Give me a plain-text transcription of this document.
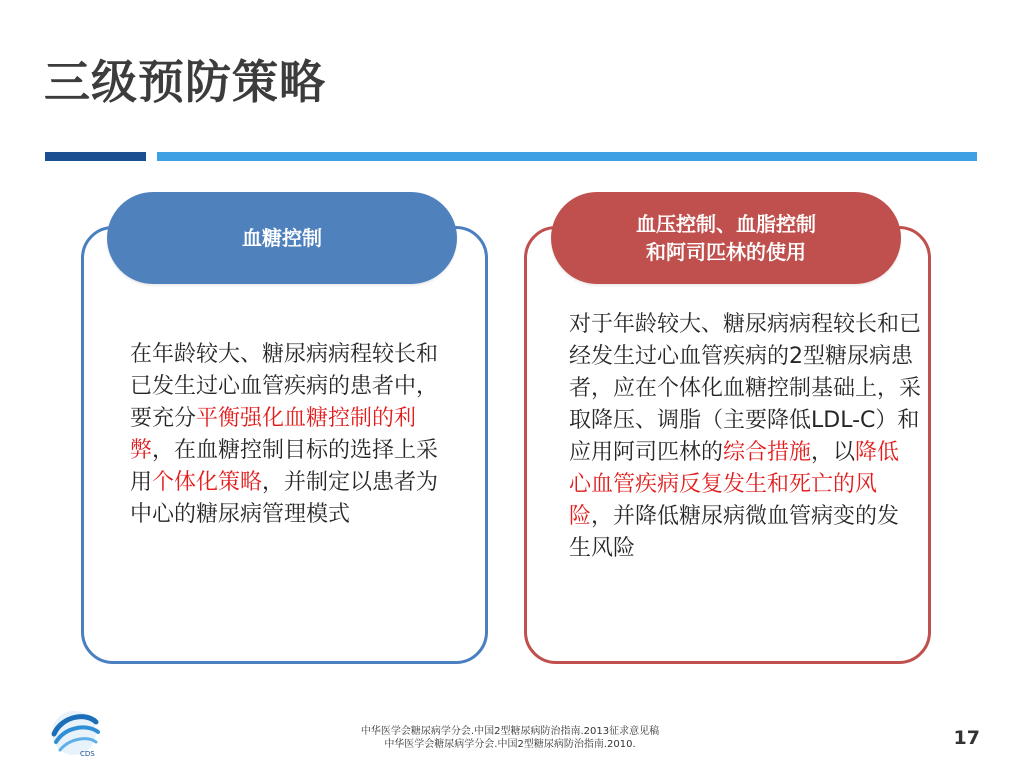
三级预防策略
血糖控制
血压控制、血脂控制
和阿司匹林的使用
在年龄较大、糖尿病病程较长和已发生过心血管疾病的患者中，要充分平衡强化血糖控制的利弊，在血糖控制目标的选择上采用个体化策略，并制定以患者为中心的糖尿病管理模式
对于年龄较大、糖尿病病程较长和已经发生过心血管疾病的2型糖尿病患者，应在个体化血糖控制基础上，采取降压、调脂（主要降低LDL-C）和应用阿司匹林的综合措施，以降低心血管疾病反复发生和死亡的风险，并降低糖尿病微血管病变的发生风险
CDS
中华医学会糖尿病学分会.中国2型糖尿病防治指南.2013征求意见稿
中华医学会糖尿病学分会.中国2型糖尿病防治指南.2010.	17
